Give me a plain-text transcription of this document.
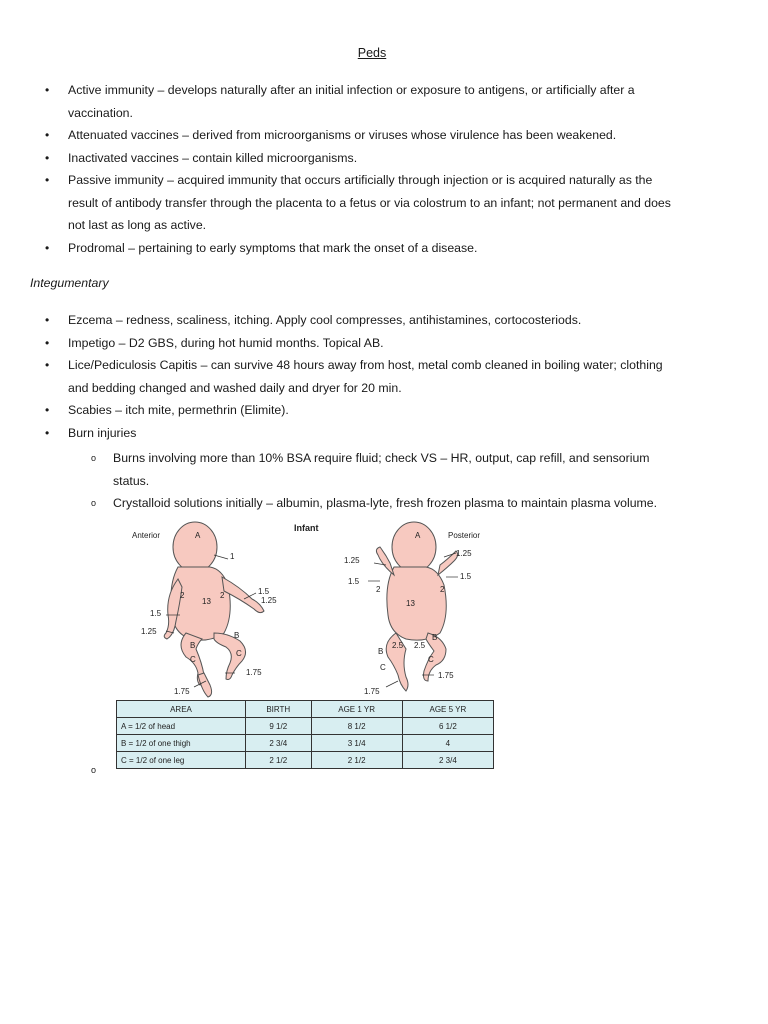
Peds
• Active immunity – develops naturally after an initial infection or exposure to antigens, or artificially after a vaccination.
• Attenuated vaccines – derived from microorganisms or viruses whose virulence has been weakened.
• Inactivated vaccines – contain killed microorganisms.
• Passive immunity – acquired immunity that occurs artificially through injection or is acquired naturally as the result of antibody transfer through the placenta to a fetus or via colostrum to an infant; not permanent and does not last as long as active.
• Prodromal – pertaining to early symptoms that mark the onset of a disease.
Integumentary
• Ezcema – redness, scaliness, itching. Apply cool compresses, antihistamines, cortocosteriods.
• Impetigo – D2 GBS, during hot humid months. Topical AB.
• Lice/Pediculosis Capitis – can survive 48 hours away from host, metal comb cleaned in boiling water; clothing and bedding changed and washed daily and dryer for 20 min.
• Scabies – itch mite, permethrin (Elimite).
• Burn injuries
o Burns involving more than 10% BSA require fluid; check VS – HR, output, cap refill, and sensorium status.
o Crystalloid solutions initially – albumin, plasma-lyte, fresh frozen plasma to maintain plasma volume.
Anterior
Infant
Posterior
A
1
2	2
13
1.5
1.25
1.5
1.25	B
B
C
C
1.75
1.75
A
1.25
1.25
1.5
1.5
2	2
13
2.5 2.5
B
B
C
C
1.75
1.75
AREA	BIRTH	AGE 1 YR	AGE 5 YR
A = 1/2 of head	9 1/2	8 1/2	6 1/2
B = 1/2 of one thigh	2 3/4	3 1/4	4
C = 1/2 of one leg	2 1/2	2 1/2	2 3/4
o
